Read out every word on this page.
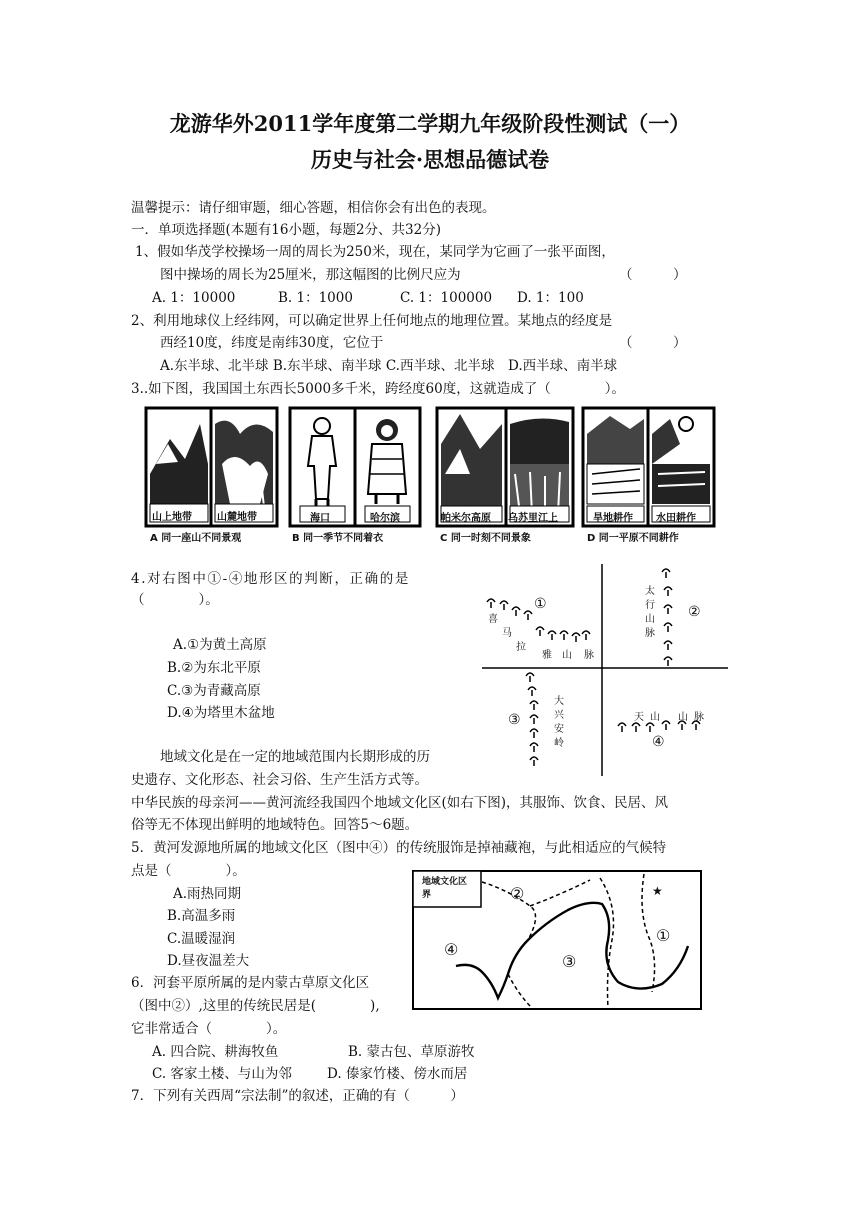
龙游华外2011学年度第二学期九年级阶段性测试（一）
历史与社会·思想品德试卷
温馨提示：请仔细审题，细心答题，相信你会有出色的表现。
一．单项选择题(本题有16小题，每题2分、共32分)
1、假如华茂学校操场一周的周长为250米，现在，某同学为它画了一张平面图，
图中操场的周长为25厘米，那这幅图的比例尺应为	（　　　）
A. 1：10000	B. 1：1000	C. 1：100000 D. 1：100
2、利用地球仪上经纬网，可以确定世界上任何地点的地理位置。某地点的经度是
西经10度，纬度是南纬30度，它位于	（　　　）
A.东半球、北半球 B.东半球、南半球 C.西半球、北半球　D.西半球、南半球
3..如下图，我国国土东西长5000多千米，跨经度60度，这就造成了（　　　　）。
山上地带	山麓地带	海口	哈尔滨	帕米尔高原 乌苏里江上	旱地耕作 水田耕作
A 同一座山不同景观	B 同一季节不同着衣	C 同一时刻不同景象	D 同一平原不同耕作
4.对右图中①-④地形区的判断，正确的是
（　　　　）。
A.①为黄土高原
B.②为东北平原
C.③为青藏高原
D.④为塔里木盆地
①	②
③
④
喜
马
拉
雅 山 脉
太
行
山
脉
大
兴
安
岭
天 山 山 脉
地域文化是在一定的地域范围内长期形成的历
史遗存、文化形态、社会习俗、生产生活方式等。
中华民族的母亲河——黄河流经我国四个地域文化区(如右下图)，其服饰、饮食、民居、风
俗等无不体现出鲜明的地域特色。回答5～6题。
5．黄河发源地所属的地域文化区（图中④）的传统服饰是掉袖藏袍，与此相适应的气候特
点是（　　　　）。
A.雨热同期
B.高温多雨
C.温暖湿润
D.昼夜温差大
地域文化区界
①
②
③
④
★
6．河套平原所属的是内蒙古草原文化区
（图中②）,这里的传统民居是(　　　　),
它非常适合（　　　　）。
A. 四合院、耕海牧鱼	B. 蒙古包、草原游牧
C. 客家土楼、与山为邻	D. 傣家竹楼、傍水而居
7．下列有关西周“宗法制”的叙述，正确的有（　　　）
